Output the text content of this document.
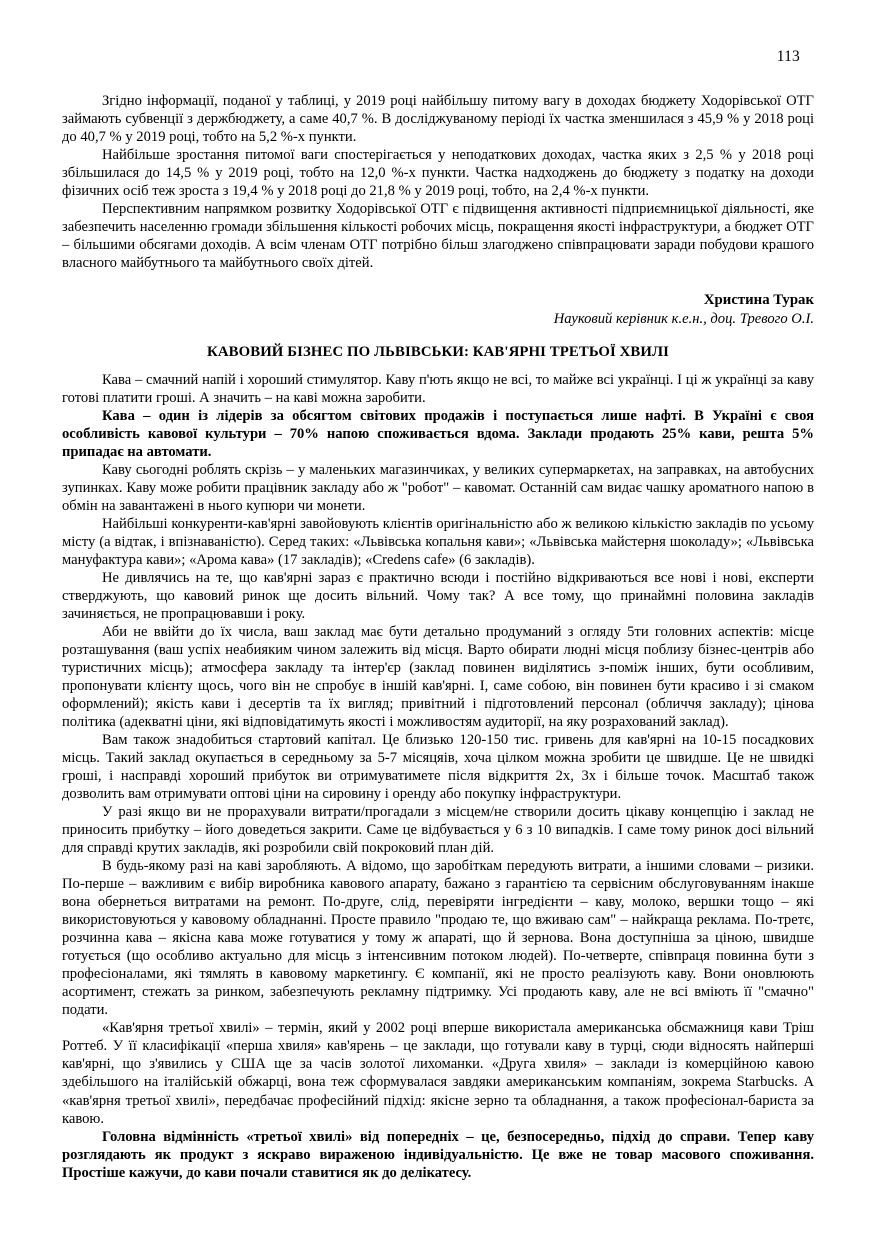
113

Згідно інформації, поданої у таблиці, у 2019 році найбільшу питому вагу в доходах бюджету Ходорівської ОТГ займають субвенції з держбюджету, а саме 40,7 %. В досліджуваному періоді їх частка зменшилася з 45,9 % у 2018 році до 40,7 % у 2019 році, тобто на 5,2 %-х пункти.

Найбільше зростання питомої ваги спостерігається у неподаткових доходах, частка яких з 2,5 % у 2018 році збільшилася до 14,5 % у 2019 році, тобто на 12,0 %-х пункти. Частка надходжень до бюджету з податку на доходи фізичних осіб теж зроста з 19,4 % у 2018 році до 21,8 % у 2019 році, тобто, на 2,4 %-х пункти.

Перспективним напрямком розвитку Ходорівської ОТГ є підвищення активності підприємницької діяльності, яке забезпечить населенню громади збільшення кількості робочих місць, покращення якості інфраструктури, а бюджет ОТГ – більшими обсягами доходів. А всім членам ОТГ потрібно більш злагоджено співпрацювати заради побудови крашого власного майбутнього та майбутнього своїх дітей.

Христина Турак
Науковий керівник к.е.н., доц. Тревого О.І.
КАВОВИЙ БІЗНЕС ПО ЛЬВІВСЬКИ: КАВ'ЯРНІ ТРЕТЬОЇ ХВИЛІ

Кава – смачний напій і хороший стимулятор. Каву п'ють якщо не всі, то майже всі українці. І ці ж українці за каву готові платити гроші. А значить – на каві можна заробити.

Кава – один із лідерів за обсягтом світових продажів і поступається лише нафті. В Україні є своя особливість кавової культури – 70% напою споживається вдома. Заклади продають 25% кави, решта 5% припадає на автомати.

Каву сьогодні роблять скрізь – у маленьких магазинчиках, у великих супермаркетах, на заправках, на автобусних зупинках. Каву може робити працівник закладу або ж "робот" – кавомат. Останній сам видає чашку ароматного напою в обмін на завантажені в нього купюри чи монети.

Найбільші конкуренти-кав'ярні завойовують клієнтів оригінальністю або ж великою кількістю закладів по усьому місту (а відтак, і впізнаваністю). Серед таких: «Львівська копальня кави»; «Львівська майстерня шоколаду»; «Львівська мануфактура кави»; «Арома кава» (17 закладів); «Credens cafe» (6 закладів).

Не дивлячись на те, що кав'ярні зараз є практично всюди і постійно відкриваються все нові і нові, експерти стверджують, що кавовий ринок ще досить вільний. Чому так? А все тому, що принаймні половина закладів зачиняється, не пропрацювавши і року.

Аби не ввійти до їх числа, ваш заклад має бути детально продуманий з огляду 5ти головних аспектів: місце розташування (ваш успіх неабияким чином залежить від місця. Варто обирати людні місця поблизу бізнес-центрів або туристичних місць); атмосфера закладу та інтер'єр (заклад повинен виділятись з-поміж інших, бути особливим, пропонувати клієнту щось, чого він не спробує в іншій кав'ярні. І, саме собою, він повинен бути красиво і зі смаком оформлений); якість кави і десертів та їх вигляд; привітний і підготовлений персонал (обличчя закладу); цінова політика (адекватні ціни, які відповідатимуть якості і можливостям аудиторії, на яку розрахований заклад).

Вам також знадобиться стартовий капітал. Це близько 120-150 тис. гривень для кав'ярні на 10-15 посадкових місць. Такий заклад окупається в середньому за 5-7 місяцяів, хоча цілком можна зробити це швидше. Це не швидкі гроші, і насправді хороший прибуток ви отримуватимете після відкриття 2х, 3х і більше точок. Масштаб також дозволить вам отримувати оптові ціни на сировину і оренду або покупку інфраструктури.

У разі якщо ви не прорахували витрати/прогадали з місцем/не створили досить цікаву концепцію і заклад не приносить прибутку – його доведеться закрити. Саме це відбувається у 6 з 10 випадків. І саме тому ринок досі вільний для справді крутих закладів, які розробили свій покроковий план дій.

В будь-якому разі на каві заробляють. А відомо, що заробіткам передують витрати, а іншими словами – ризики. По-перше – важливим є вибір виробника кавового апарату, бажано з гарантією та сервісним обслуговуванням інакше вона обернеться витратами на ремонт. По-друге, слід, перевіряти інгредієнти – каву, молоко, вершки тощо – які використовуються у кавовому обладнанні. Просте правило "продаю те, що вживаю сам" – найкраща реклама. По-третє, розчинна кава – якісна кава може готуватися у тому ж апараті, що й зернова. Вона доступніша за ціною, швидше готується (що особливо актуально для місць з інтенсивним потоком людей). По-четверте, співпраця повинна бути з професіоналами, які тямлять в кавовому маркетингу. Є компанії, які не просто реалізують каву. Вони оновлюють асортимент, стежать за ринком, забезпечують рекламну підтримку. Усі продають каву, але не всі вміють її "смачно" подати.

«Кав'ярня третьої хвилі» – термін, який у 2002 році вперше використала американська обсмажниця кави Тріш Роттеб. У її класифікації «перша хвиля» кав'ярень – це заклади, що готували каву в турці, сюди відносять найперші кав'ярні, що з'явились у США ще за часів золотої лихоманки. «Друга хвиля» – заклади із комерційною кавою здебільшого на італійській обжарці, вона теж сформувалася завдяки американським компаніям, зокрема Starbucks. А «кав'ярня третьої хвилі», передбачає професійний підхід: якісне зерно та обладнання, а також професіонал-бариста за кавою.

Головна відмінність «третьої хвилі» від попередніх – це, безпосередньо, підхід до справи. Тепер каву розглядають як продукт з яскраво вираженою індивідуальністю. Це вже не товар масового споживання. Простіше кажучи, до кави почали ставитися як до делікатесу.
